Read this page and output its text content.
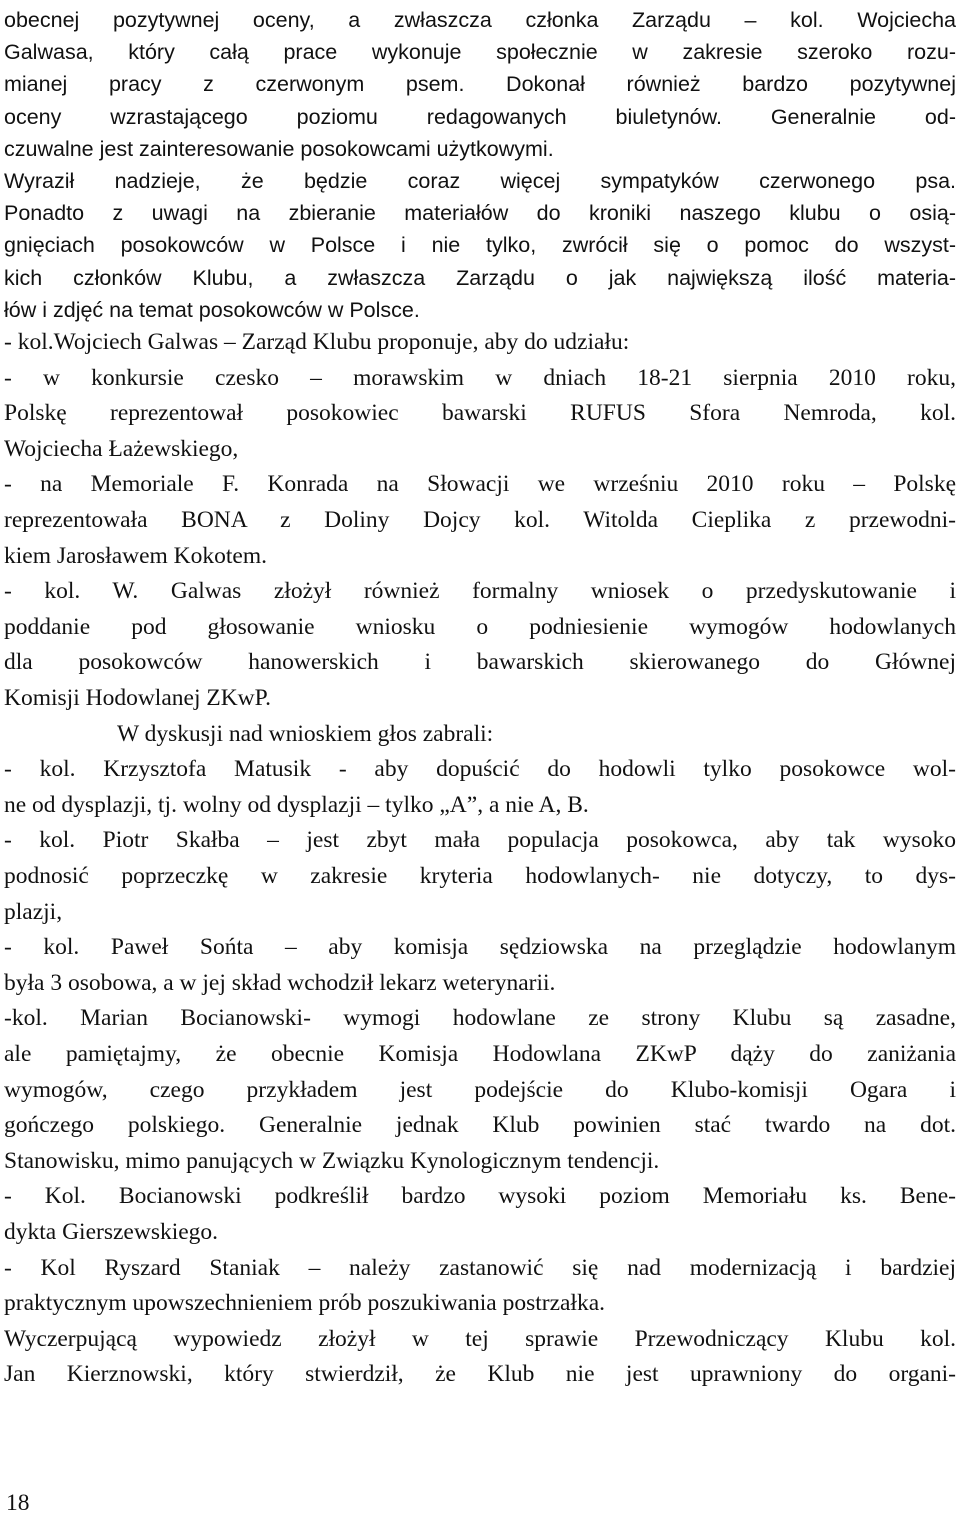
obecnej pozytywnej oceny, a zwłaszcza członka Zarządu – kol. Wojciecha
Galwasa, który całą prace wykonuje społecznie w zakresie szeroko rozu-
mianej pracy z czerwonym psem. Dokonał również bardzo pozytywnej
oceny wzrastającego poziomu redagowanych biuletynów. Generalnie od-
czuwalne jest zainteresowanie posokowcami użytkowymi.
Wyraził nadzieje, że będzie coraz więcej sympatyków czerwonego psa.
Ponadto z uwagi na zbieranie materiałów do kroniki naszego klubu o osią-
gnięciach posokowców w Polsce i nie tylko, zwrócił się o pomoc do wszyst-
kich członków Klubu, a zwłaszcza Zarządu o jak największą ilość materia-
łów i zdjęć na temat posokowców w Polsce.
- kol.Wojciech Galwas – Zarząd Klubu proponuje, aby do udziału:
- w konkursie czesko – morawskim w dniach 18-21 sierpnia 2010 roku,
Polskę reprezentował posokowiec bawarski RUFUS Sfora Nemroda, kol.
Wojciecha Łażewskiego,
- na Memoriale F. Konrada na Słowacji we wrześniu 2010 roku – Polskę
reprezentowała BONA z Doliny Dojcy kol. Witolda Cieplika z przewodni-
kiem Jarosławem Kokotem.
- kol. W. Galwas złożył również formalny wniosek o przedyskutowanie i
poddanie pod głosowanie wniosku o podniesienie wymogów hodowlanych
dla posokowców hanowerskich i bawarskich skierowanego do Głównej
Komisji Hodowlanej ZKwP.
W dyskusji nad wnioskiem głos zabrali:
- kol. Krzysztofa Matusik - aby dopuścić do hodowli tylko posokowce wol-
ne od dysplazji, tj. wolny od dysplazji – tylko „A”, a nie A, B.
- kol. Piotr Skałba – jest zbyt mała populacja posokowca, aby tak wysoko
podnosić poprzeczkę w zakresie kryteria hodowlanych- nie dotyczy, to dys-
plazji,
- kol. Paweł Sońta – aby komisja sędziowska na przeglądzie hodowlanym
była 3 osobowa, a w jej skład wchodził lekarz weterynarii.
-kol. Marian Bocianowski- wymogi hodowlane ze strony Klubu są zasadne,
ale pamiętajmy, że obecnie Komisja Hodowlana ZKwP dąży do zaniżania
wymogów, czego przykładem jest podejście do Klubo-komisji Ogara i
gończego polskiego. Generalnie jednak Klub powinien stać twardo na dot.
Stanowisku, mimo panujących w Związku Kynologicznym tendencji.
- Kol. Bocianowski podkreślił bardzo wysoki poziom Memoriału ks. Bene-
dykta Gierszewskiego.
- Kol Ryszard Staniak – należy zastanowić się nad modernizacją i bardziej
praktycznym upowszechnieniem prób poszukiwania postrzałka.
Wyczerpującą wypowiedz złożył w tej sprawie Przewodniczący Klubu kol.
Jan Kierznowski, który stwierdził, że Klub nie jest uprawniony do organi-
18
